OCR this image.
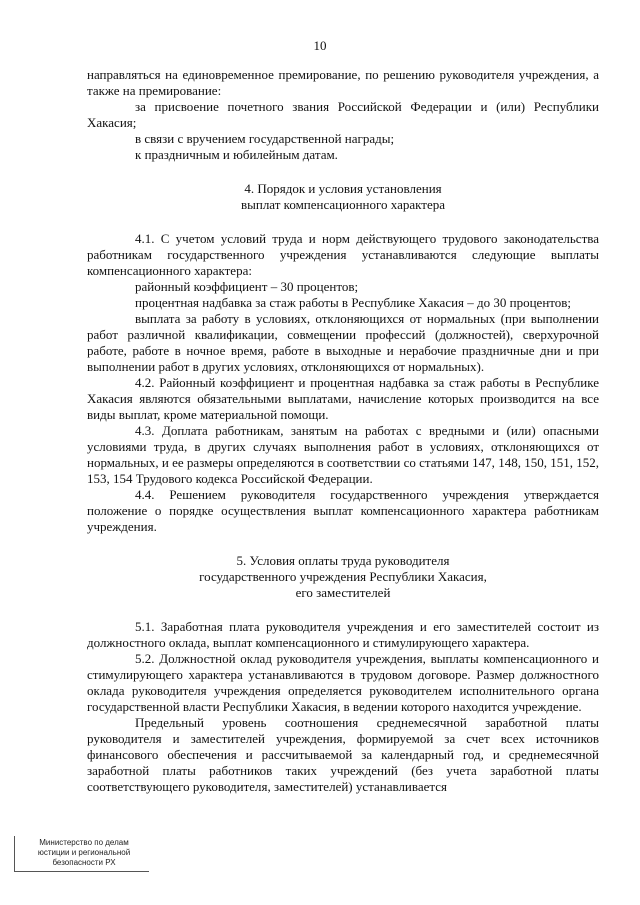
10

направляться на единовременное премирование, по решению руководителя учреждения, а также на премирование:

за присвоение почетного звания Российской Федерации и (или) Республики Хакасия;

в связи с вручением государственной награды;

к праздничным и юбилейным датам.

4. Порядок и условия установления

выплат компенсационного характера

4.1. С учетом условий труда и норм действующего трудового законодательства работникам государственного учреждения устанавливаются следующие выплаты компенсационного характера:

районный коэффициент – 30 процентов;

процентная надбавка за стаж работы в Республике Хакасия – до 30 процентов;

выплата за работу в условиях, отклоняющихся от нормальных (при выполнении работ различной квалификации, совмещении профессий (должностей), сверхурочной работе, работе в ночное время, работе в выходные и нерабочие праздничные дни и при выполнении работ в других условиях, отклоняющихся от нормальных).

4.2. Районный коэффициент и процентная надбавка за стаж работы в Республике Хакасия являются обязательными выплатами, начисление которых производится на все виды выплат, кроме материальной помощи.

4.3. Доплата работникам, занятым на работах с вредными и (или) опасными условиями труда, в других случаях выполнения работ в условиях, отклоняющихся от нормальных, и ее размеры определяются в соответствии со статьями 147, 148, 150, 151, 152, 153, 154 Трудового кодекса Российской Федерации.

4.4. Решением руководителя государственного учреждения утверждается положение о порядке осуществления выплат компенсационного характера работникам учреждения.

5. Условия оплаты труда руководителя

государственного учреждения Республики Хакасия,

его заместителей

5.1. Заработная плата руководителя учреждения и его заместителей состоит из должностного оклада, выплат компенсационного и стимулирующего характера.

5.2. Должностной оклад руководителя учреждения, выплаты компенсационного и стимулирующего характера устанавливаются в трудовом договоре. Размер должностного оклада руководителя учреждения определяется руководителем исполнительного органа государственной власти Республики Хакасия, в ведении которого находится учреждение.

Предельный уровень соотношения среднемесячной заработной платы руководителя и заместителей учреждения, формируемой за счет всех источников финансового обеспечения и рассчитываемой за календарный год, и среднемесячной заработной платы работников таких учреждений (без учета заработной платы соответствующего руководителя, заместителей) устанавливается

Министерство по делам
юстиции и региональной
безопасности РХ
